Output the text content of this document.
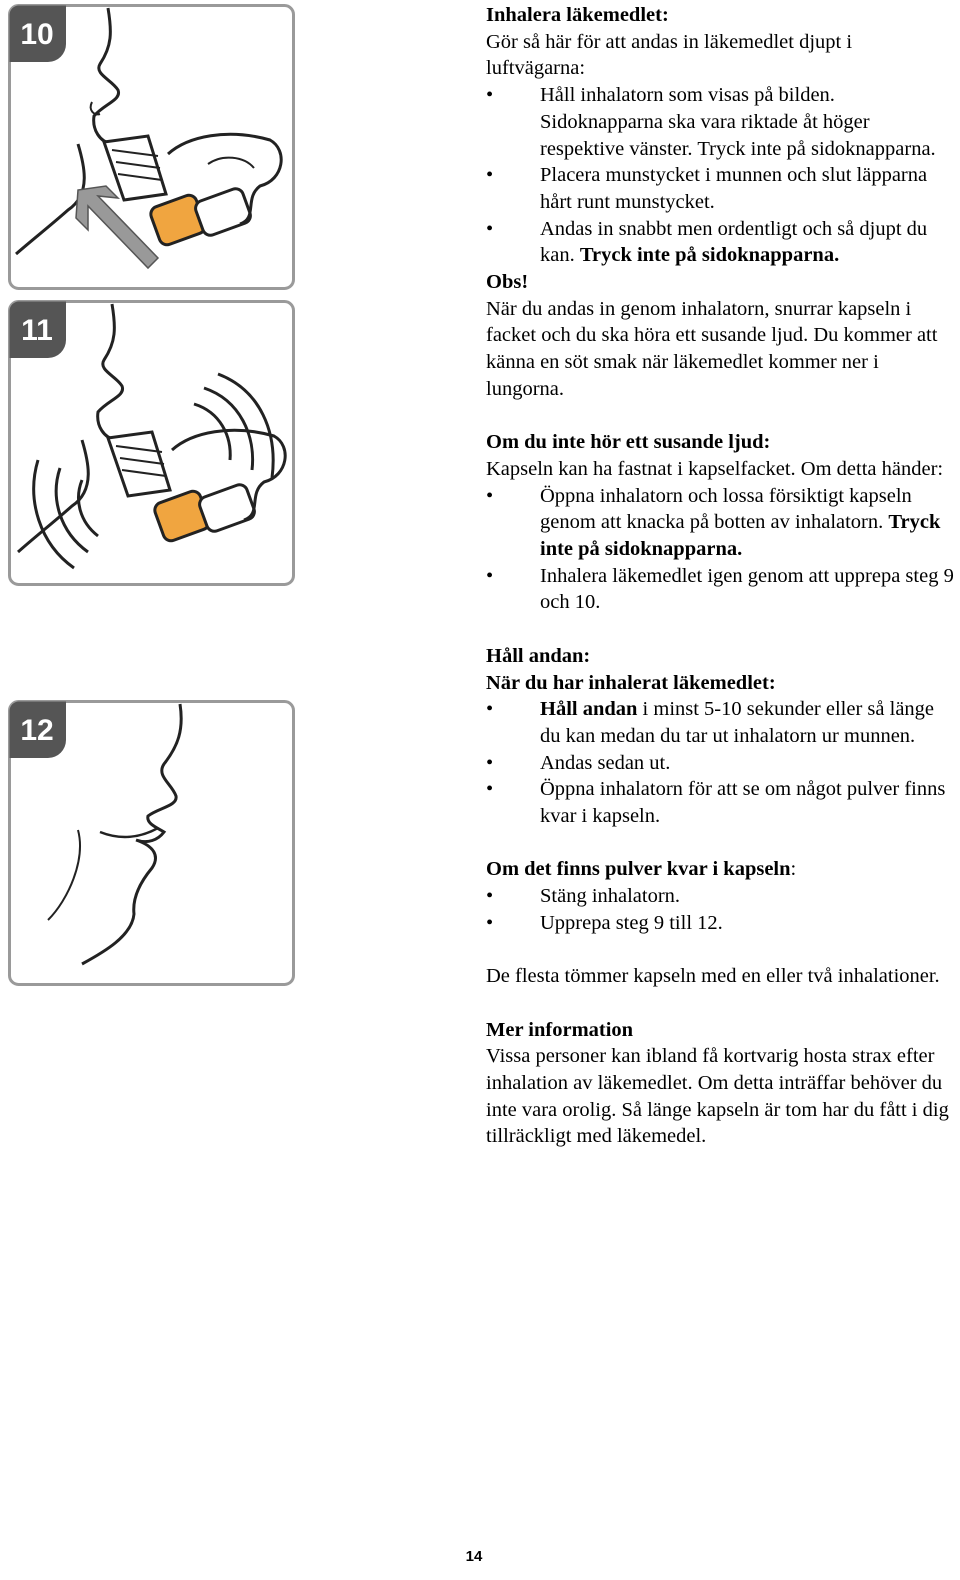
10
11
12

Inhalera läkemedlet:

Gör så här för att andas in läkemedlet djupt i luftvägarna:

• Håll inhalatorn som visas på bilden. Sidoknapparna ska vara riktade åt höger respektive vänster. Tryck inte på sidoknapparna.
• Placera munstycket i munnen och slut läpparna hårt runt munstycket.
• Andas in snabbt men ordentligt och så djupt du kan. Tryck inte på sidoknapparna.

Obs!

När du andas in genom inhalatorn, snurrar kapseln i facket och du ska höra ett susande ljud. Du kommer att känna en söt smak när läkemedlet kommer ner i lungorna.

Om du inte hör ett susande ljud:

Kapseln kan ha fastnat i kapselfacket. Om detta händer:

• Öppna inhalatorn och lossa försiktigt kapseln genom att knacka på botten av inhalatorn. Tryck inte på sidoknapparna.
• Inhalera läkemedlet igen genom att upprepa steg 9 och 10.

Håll andan:

När du har inhalerat läkemedlet:

• Håll andan i minst 5-10 sekunder eller så länge du kan medan du tar ut inhalatorn ur munnen.
• Andas sedan ut.
• Öppna inhalatorn för att se om något pulver finns kvar i kapseln.

Om det finns pulver kvar i kapseln:

• Stäng inhalatorn.
• Upprepa steg 9 till 12.

De flesta tömmer kapseln med en eller två inhalationer.

Mer information

Vissa personer kan ibland få kortvarig hosta strax efter inhalation av läkemedlet. Om detta inträffar behöver du inte vara orolig. Så länge kapseln är tom har du fått i dig tillräckligt med läkemedel.

14
